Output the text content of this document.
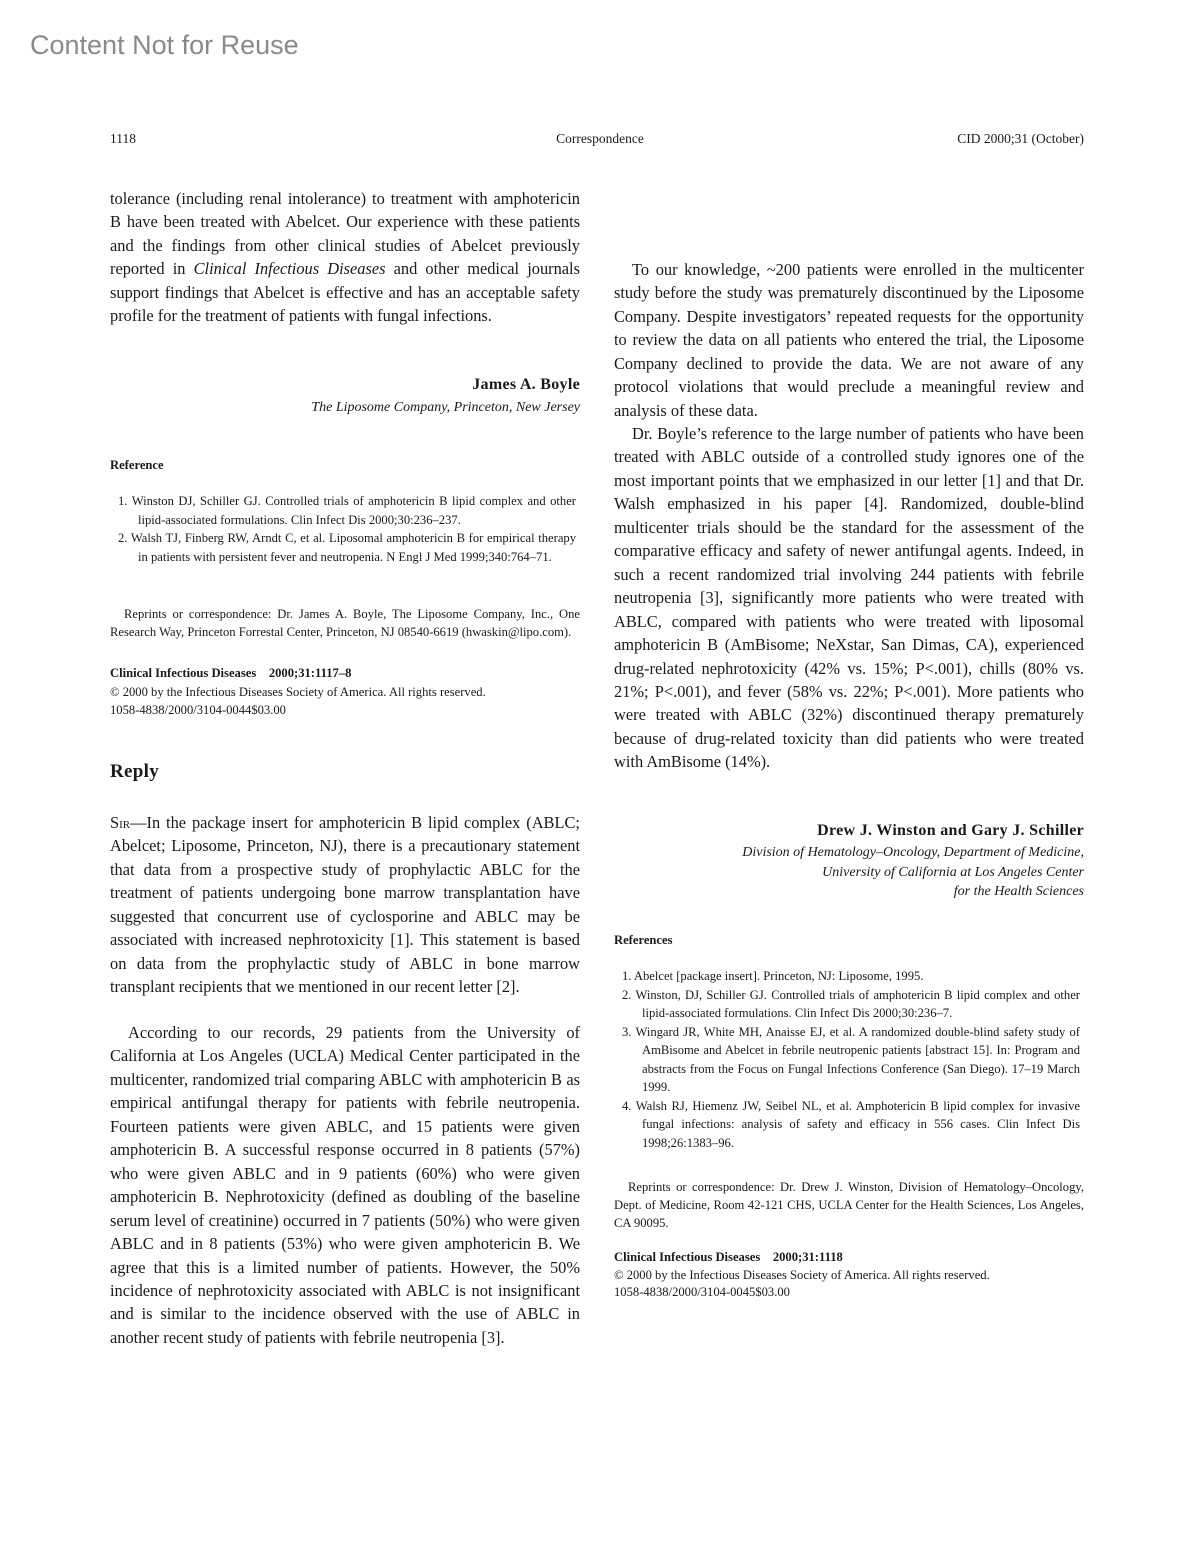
Content Not for Reuse
1118	Correspondence	CID 2000;31 (October)

tolerance (including renal intolerance) to treatment with amphotericin B have been treated with Abelcet. Our experience with these patients and the findings from other clinical studies of Abelcet previously reported in Clinical Infectious Diseases and other medical journals support findings that Abelcet is effective and has an acceptable safety profile for the treatment of patients with fungal infections.

James A. Boyle
The Liposome Company, Princeton, New Jersey
Reference
1. Winston DJ, Schiller GJ. Controlled trials of amphotericin B lipid complex and other lipid-associated formulations. Clin Infect Dis 2000;30:236–237.
2. Walsh TJ, Finberg RW, Arndt C, et al. Liposomal amphotericin B for empirical therapy in patients with persistent fever and neutropenia. N Engl J Med 1999;340:764–71.

Reprints or correspondence: Dr. James A. Boyle, The Liposome Company, Inc., One Research Way, Princeton Forrestal Center, Princeton, NJ 08540-6619 (hwaskin@lipo.com).

Clinical Infectious Diseases 2000;31:1117–8
© 2000 by the Infectious Diseases Society of America. All rights reserved.
1058-4838/2000/3104-0044$03.00
Reply

Sir—In the package insert for amphotericin B lipid complex (ABLC; Abelcet; Liposome, Princeton, NJ), there is a precautionary statement that data from a prospective study of prophylactic ABLC for the treatment of patients undergoing bone marrow transplantation have suggested that concurrent use of cyclosporine and ABLC may be associated with increased nephrotoxicity [1]. This statement is based on data from the prophylactic study of ABLC in bone marrow transplant recipients that we mentioned in our recent letter [2].

According to our records, 29 patients from the University of California at Los Angeles (UCLA) Medical Center participated in the multicenter, randomized trial comparing ABLC with amphotericin B as empirical antifungal therapy for patients with febrile neutropenia. Fourteen patients were given ABLC, and 15 patients were given amphotericin B. A successful response occurred in 8 patients (57%) who were given ABLC and in 9 patients (60%) who were given amphotericin B. Nephrotoxicity (defined as doubling of the baseline serum level of creatinine) occurred in 7 patients (50%) who were given ABLC and in 8 patients (53%) who were given amphotericin B. We agree that this is a limited number of patients. However, the 50% incidence of nephrotoxicity associated with ABLC is not insignificant and is similar to the incidence observed with the use of ABLC in another recent study of patients with febrile neutropenia [3].

To our knowledge, ~200 patients were enrolled in the multicenter study before the study was prematurely discontinued by the Liposome Company. Despite investigators’ repeated requests for the opportunity to review the data on all patients who entered the trial, the Liposome Company declined to provide the data. We are not aware of any protocol violations that would preclude a meaningful review and analysis of these data.

Dr. Boyle’s reference to the large number of patients who have been treated with ABLC outside of a controlled study ignores one of the most important points that we emphasized in our letter [1] and that Dr. Walsh emphasized in his paper [4]. Randomized, double-blind multicenter trials should be the standard for the assessment of the comparative efficacy and safety of newer antifungal agents. Indeed, in such a recent randomized trial involving 244 patients with febrile neutropenia [3], significantly more patients who were treated with ABLC, compared with patients who were treated with liposomal amphotericin B (AmBisome; NeXstar, San Dimas, CA), experienced drug-related nephrotoxicity (42% vs. 15%; P<.001), chills (80% vs. 21%; P<.001), and fever (58% vs. 22%; P<.001). More patients who were treated with ABLC (32%) discontinued therapy prematurely because of drug-related toxicity than did patients who were treated with AmBisome (14%).

Drew J. Winston and Gary J. Schiller
Division of Hematology–Oncology, Department of Medicine,
University of California at Los Angeles Center
for the Health Sciences
References
1. Abelcet [package insert]. Princeton, NJ: Liposome, 1995.
2. Winston, DJ, Schiller GJ. Controlled trials of amphotericin B lipid complex and other lipid-associated formulations. Clin Infect Dis 2000;30:236–7.
3. Wingard JR, White MH, Anaisse EJ, et al. A randomized double-blind safety study of AmBisome and Abelcet in febrile neutropenic patients [abstract 15]. In: Program and abstracts from the Focus on Fungal Infections Conference (San Diego). 17–19 March 1999.
4. Walsh RJ, Hiemenz JW, Seibel NL, et al. Amphotericin B lipid complex for invasive fungal infections: analysis of safety and efficacy in 556 cases. Clin Infect Dis 1998;26:1383–96.

Reprints or correspondence: Dr. Drew J. Winston, Division of Hematology–Oncology, Dept. of Medicine, Room 42-121 CHS, UCLA Center for the Health Sciences, Los Angeles, CA 90095.

Clinical Infectious Diseases 2000;31:1118
© 2000 by the Infectious Diseases Society of America. All rights reserved.
1058-4838/2000/3104-0045$03.00
